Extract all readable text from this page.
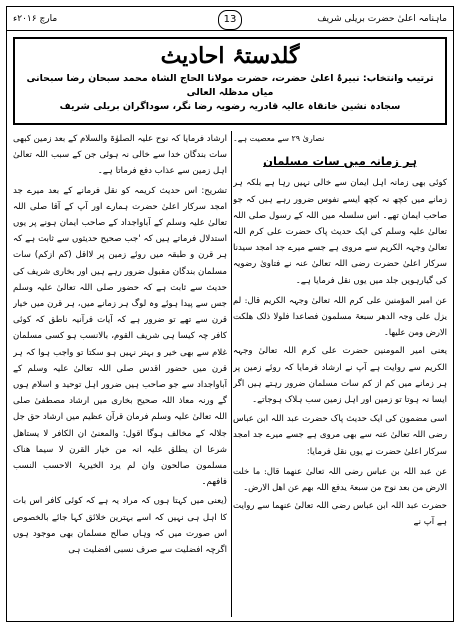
ماہنامہ اعلیٰ حضرت بریلی شریف
مارچ ۲۰۱۶ء	13
گلدستۂ احادیث
ترتیب وانتخاب: نبیرۂ اعلیٰ حضرت، حضرت مولانا الحاج الشاہ محمد سبحان رضا سبحانی میاں مدظلہ العالی
سجادہ نشین خانقاہ عالیہ قادریہ رضویہ رضا نگر، سوداگران بریلی شریف

نصاریٰ ۲۹ سے معصیت ہے۔

ہر زمانہ میں سات مسلمان

کوئی بھی زمانہ اہل ایمان سے خالی نہیں رہا ہے بلکہ ہر زمانے میں کچھ نہ کچھ ایسے نفوس ضرور رہے ہیں کہ جو صاحب ایمان تھے۔ اس سلسلہ میں اللہ کے رسول صلی اللہ تعالیٰ علیہ وسلم کی ایک حدیث پاک حضرت علی کرم اللہ تعالیٰ وجہہ الکریم سے مروی ہے جسے میرے جد امجد سیدنا سرکار اعلیٰ حضرت رضی اللہ تعالیٰ عنہ نے فتاویٰ رضویہ کی گیارہویں جلد میں یوں نقل فرمایا ہے۔

عن امیر المؤمنین علی کرم اللہ تعالیٰ وجہہ الکریم قال: لم یزل علی وجہ الدھر سبعۃ مسلمون فصاعدا فلولا ذلک ھلکت الارض ومن علیھا۔

یعنی امیر المومنین حضرت علی کرم اللہ تعالیٰ وجہہ الکریم سے روایت ہے آپ نے ارشاد فرمایا کہ روئے زمین پر ہر زمانے میں کم از کم سات مسلمان ضرور رہتے ہیں اگر ایسا نہ ہوتا تو زمین اور اہل زمین سب ہلاک ہوجاتے۔

اسی مضمون کی ایک حدیث پاک حضرت عبد اللہ ابن عباس رضی اللہ تعالیٰ عنہ سے بھی مروی ہے جسے میرے جد امجد سرکار اعلیٰ حضرت نے یوں نقل فرمایا:

عن عبد اللہ بن عباس رضی اللہ تعالیٰ عنھما قال: ما خلت الارض من بعد نوح من سبعۃ یدفع اللہ بھم عن اھل الارض۔

حضرت عبد اللہ ابن عباس رضی اللہ تعالیٰ عنھما سے روایت ہے آپ نے

ارشاد فرمایا کہ نوح علیہ الصلوٰۃ والسلام کے بعد زمین کبھی سات بندگان خدا سے خالی نہ ہوئی جن کے سبب اللہ تعالیٰ اہل زمین سے عذاب دفع فرماتا ہے۔

تشریح: اس حدیث کریمہ کو نقل فرمانے کے بعد میرے جد امجد سرکار اعلیٰ حضرت ہمارے اور آپ کے آقا صلی اللہ تعالیٰ علیہ وسلم کے آباواجداد کے صاحب ایمان ہونے پر یوں استدلال فرماتے ہیں کہ 'جب صحیح حدیثوں سے ثابت ہے کہ ہر قرن و طبقہ میں روئے زمین پر لااقل (کم ازکم) سات مسلمان بندگان مقبول ضرور رہے ہیں اور بخاری شریف کی حدیث سے ثابت ہے کہ حضور صلی اللہ تعالیٰ علیہ وسلم جس سے پیدا ہوئے وہ لوگ ہر زمانے میں، ہر قرن میں خیار قرن سے تھے تو ضرور ہے کہ آیات قرآنیہ ناطق کہ کوئی کافر چہ کیسا ہی شریف القوم، بالانسب ہو کسی مسلمان غلام سے بھی خیر و بہتر نہیں ہو سکتا تو واجب ہوا کہ ہر قرن میں حضور اقدس صلی اللہ تعالیٰ علیہ وسلم کے آباواجداد سے جو صاحب ہیں ضرور اہل توحید و اسلام ہوں گے ورنہ معاذ اللہ صحیح بخاری میں ارشاد مصطفیٰ صلی اللہ تعالیٰ علیہ وسلم فرمان قرآن عظیم میں ارشاد حق جل جلالہ کے مخالف ہوگا اقول: والمعنیٰ ان الکافر لا یستاھل شرعا ان یطلق علیہ انہ من خیار القرن لا سیما ھناک مسلمون صالحون وان لم یرد الخیریۃ الاحسب النسب فافھم۔

(یعنی میں کہتا ہوں کہ مراد یہ ہے کہ کوئی کافر اس بات کا اہل ہی نہیں کہ اسے بہترین خلائق کہا جائے بالخصوص اس صورت میں کہ وہاں صالح مسلمان بھی موجود ہوں اگرچہ افضلیت سے صرف نسبی افضلیت ہی
